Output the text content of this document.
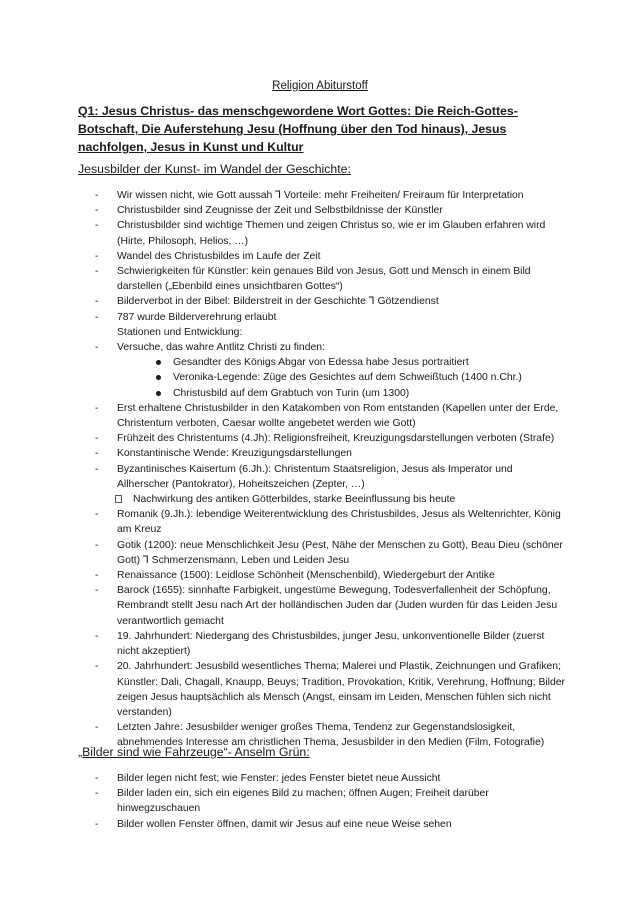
Religion Abiturstoff

Q1: Jesus Christus- das menschgewordene Wort Gottes: Die Reich-Gottes-Botschaft, Die Auferstehung Jesu (Hoffnung über den Tod hinaus), Jesus nachfolgen, Jesus in Kunst und Kultur

Jesusbilder der Kunst- im Wandel der Geschichte:

- Wir wissen nicht, wie Gott aussah ⅂ Vorteile: mehr Freiheiten/ Freiraum für Interpretation
- Christusbilder sind Zeugnisse der Zeit und Selbstbildnisse der Künstler
- Christusbilder sind wichtige Themen und zeigen Christus so, wie er im Glauben erfahren wird (Hirte, Philosoph, Helios, …)
- Wandel des Christusbildes im Laufe der Zeit
- Schwierigkeiten für Künstler: kein genaues Bild von Jesus, Gott und Mensch in einem Bild darstellen („Ebenbild eines unsichtbaren Gottes“)
- Bilderverbot in der Bibel: Bilderstreit in der Geschichte ⅂ Götzendienst
- 787 wurde Bilderverehrung erlaubt
Stationen und Entwicklung:
- Versuche, das wahre Antlitz Christi zu finden:
Gesandter des Königs Abgar von Edessa habe Jesus portraitiert
Veronika-Legende: Züge des Gesichtes auf dem Schweißtuch (1400 n.Chr.)
Christusbild auf dem Grabtuch von Turin (um 1300)
- Erst erhaltene Christusbilder in den Katakomben von Rom entstanden (Kapellen unter der Erde, Christentum verboten, Caesar wollte angebetet werden wie Gott)
- Frühzeit des Christentums (4.Jh): Religionsfreiheit, Kreuzigungsdarstellungen verboten (Strafe)
- Konstantinische Wende: Kreuzigungsdarstellungen
- Byzantinisches Kaisertum (6.Jh.): Christentum Staatsreligion, Jesus als Imperator und Allherscher (Pantokrator), Hoheitszeichen (Zepter, …)
Nachwirkung des antiken Götterbildes, starke Beeinflussung bis heute
- Romanik (9.Jh.): lebendige Weiterentwicklung des Christusbildes, Jesus als Weltenrichter, König am Kreuz
- Gotik (1200): neue Menschlichkeit Jesu (Pest, Nähe der Menschen zu Gott), Beau Dieu (schöner Gott) ⅂ Schmerzensmann, Leben und Leiden Jesu
- Renaissance (1500): Leidlose Schönheit (Menschenbild), Wiedergeburt der Antike
- Barock (1655): sinnhafte Farbigkeit, ungestüme Bewegung, Todesverfallenheit der Schöpfung, Rembrandt stellt Jesu nach Art der holländischen Juden dar (Juden wurden für das Leiden Jesu verantwortlich gemacht
- 19. Jahrhundert: Niedergang des Christusbildes, junger Jesu, unkonventionelle Bilder (zuerst nicht akzeptiert)
- 20. Jahrhundert: Jesusbild wesentliches Thema; Malerei und Plastik, Zeichnungen und Grafiken; Künstler: Dali, Chagall, Knaupp, Beuys; Tradition, Provokation, Kritik, Verehrung, Hoffnung; Bilder zeigen Jesus hauptsächlich als Mensch (Angst, einsam im Leiden, Menschen fühlen sich nicht verstanden)
- Letzten Jahre: Jesusbilder weniger großes Thema, Tendenz zur Gegenstandslosigkeit, abnehmendes Interesse am christlichen Thema, Jesusbilder in den Medien (Film, Fotografie)

„Bilder sind wie Fahrzeuge“- Anselm Grün:

- Bilder legen nicht fest; wie Fenster: jedes Fenster bietet neue Aussicht
- Bilder laden ein, sich ein eigenes Bild zu machen; öffnen Augen; Freiheit darüber hinwegzuschauen
- Bilder wollen Fenster öffnen, damit wir Jesus auf eine neue Weise sehen
